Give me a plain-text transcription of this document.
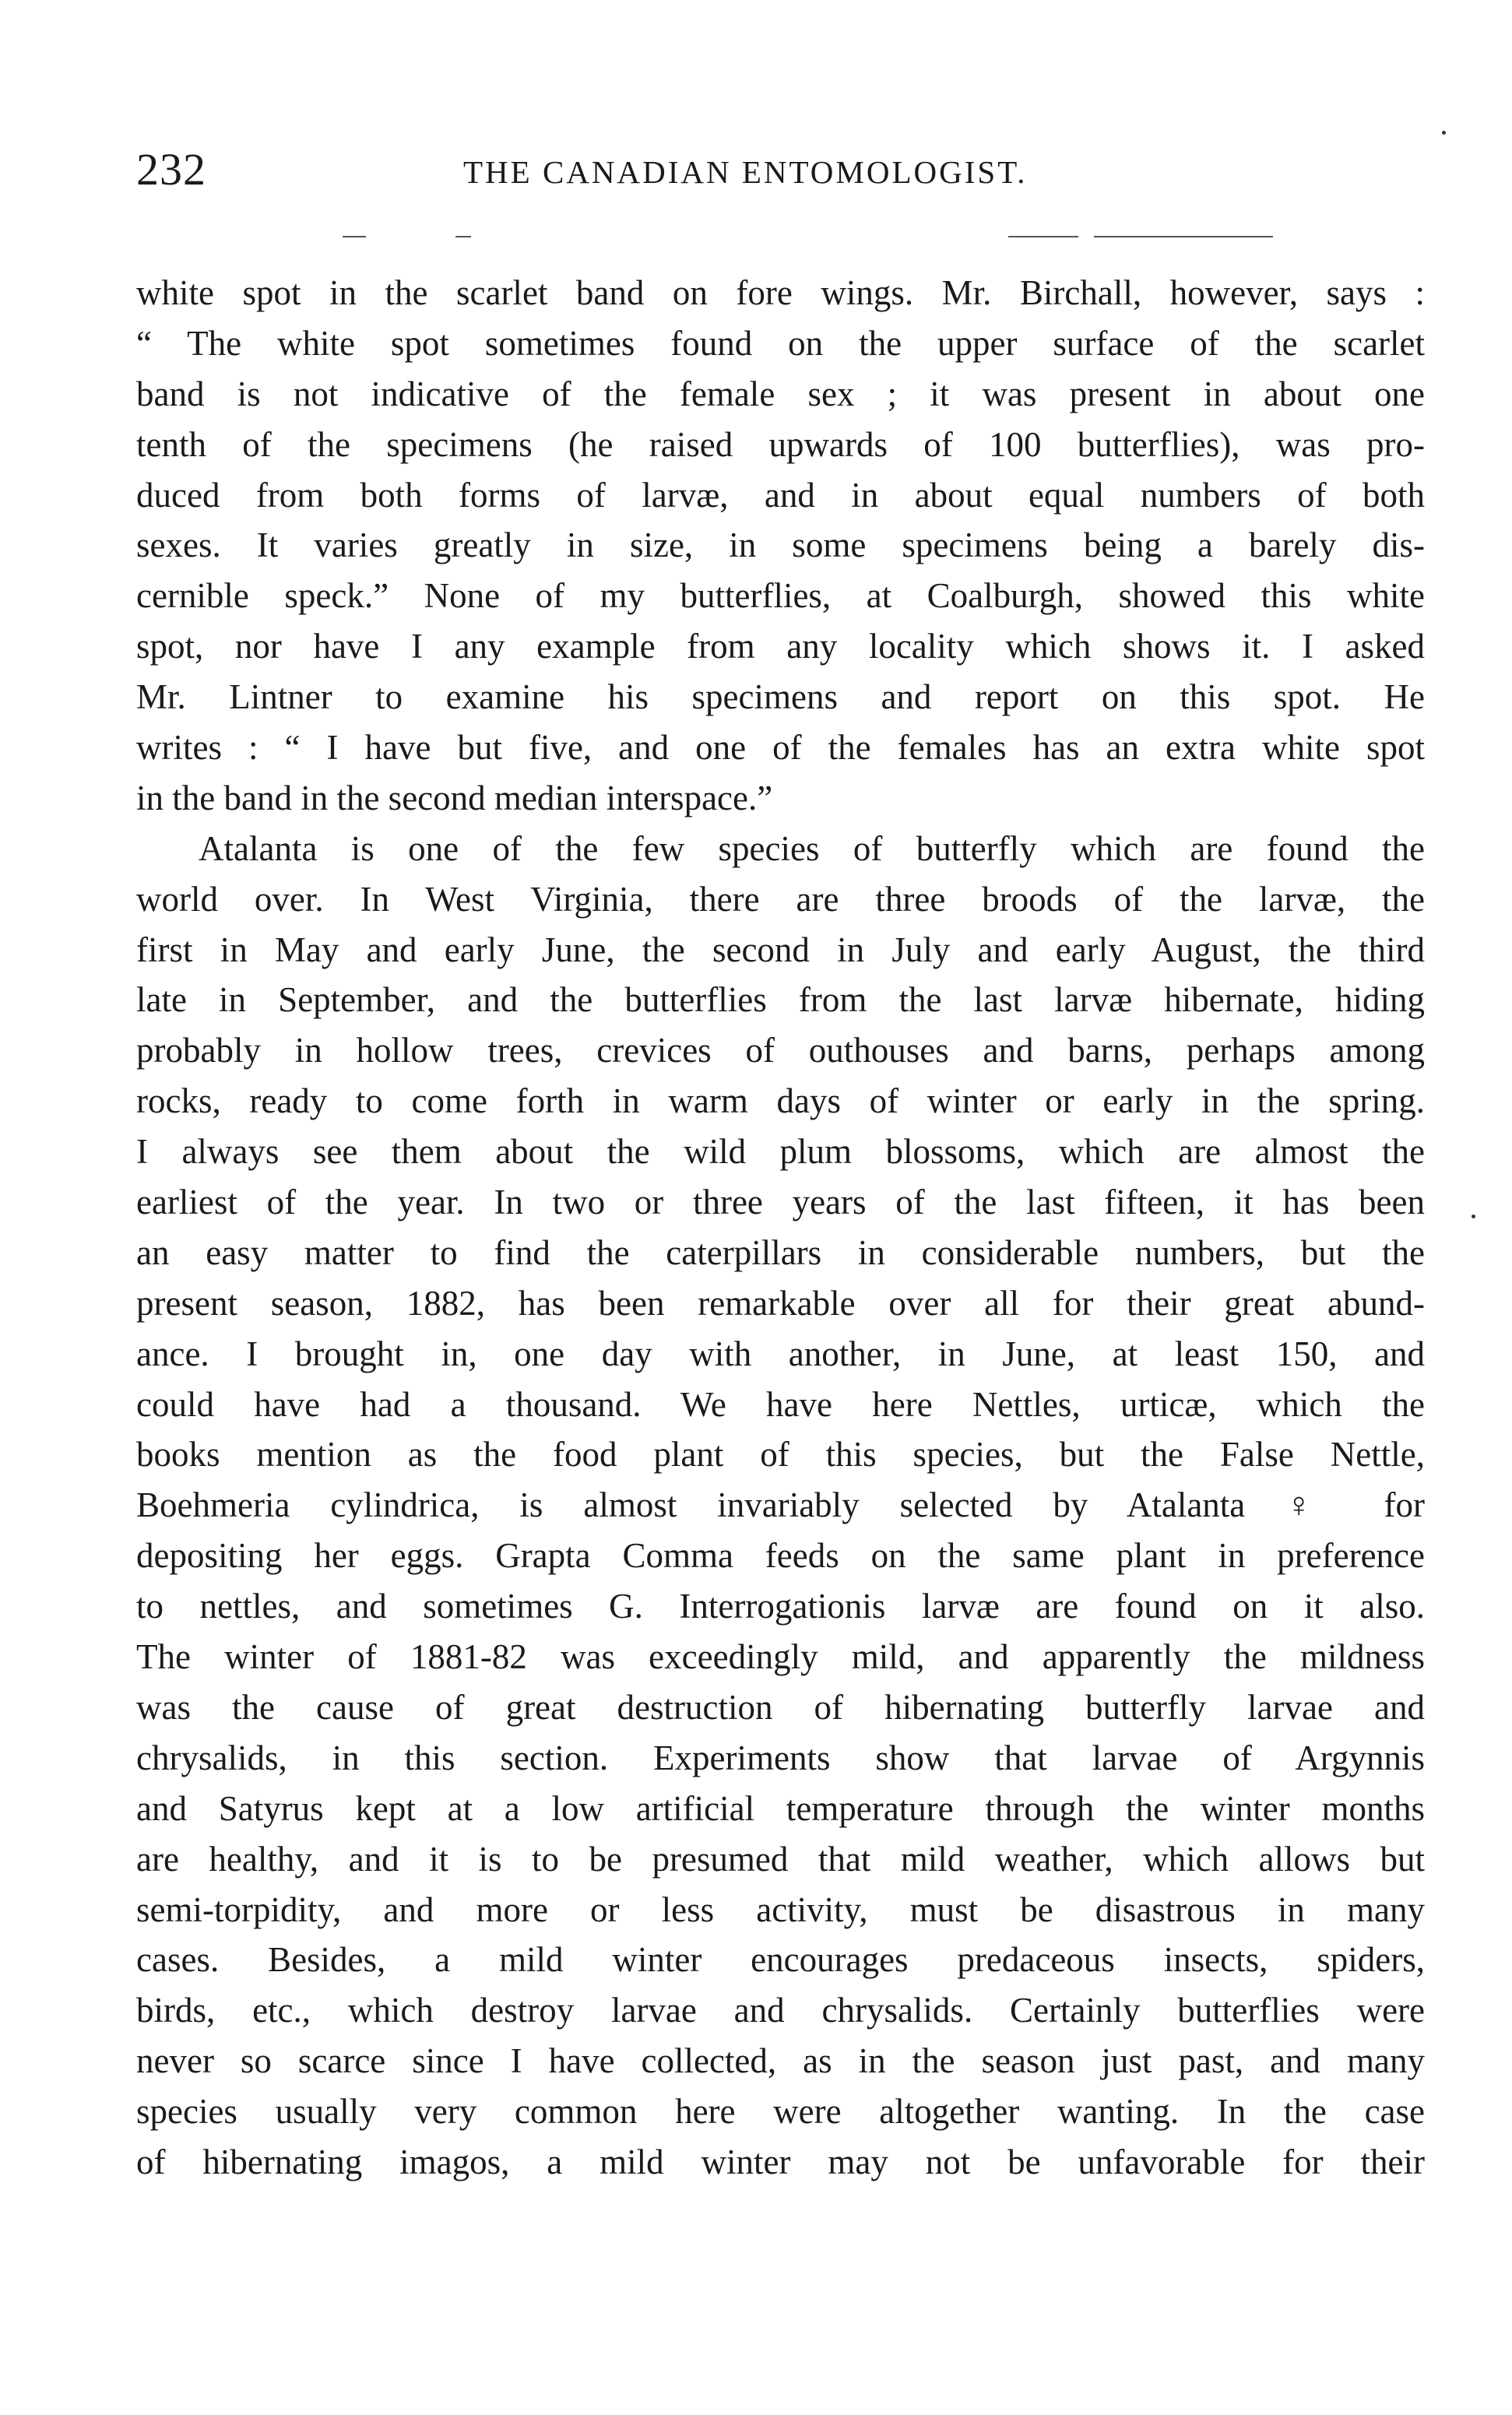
232	THE CANADIAN ENTOMOLOGIST.
white spot in the scarlet band on fore wings. Mr. Birchall, however, says :
“ The white spot sometimes found on the upper surface of the scarlet
band is not indicative of the female sex ; it was present in about one
tenth of the specimens (he raised upwards of 100 butterflies), was pro-
duced from both forms of larvæ, and in about equal numbers of both
sexes. It varies greatly in size, in some specimens being a barely dis-
cernible speck.” None of my butterflies, at Coalburgh, showed this white
spot, nor have I any example from any locality which shows it. I asked
Mr. Lintner to examine his specimens and report on this spot. He
writes : “ I have but five, and one of the females has an extra white spot
in the band in the second median interspace.”
Atalanta is one of the few species of butterfly which are found the
world over. In West Virginia, there are three broods of the larvæ, the
first in May and early June, the second in July and early August, the third
late in September, and the butterflies from the last larvæ hibernate, hiding
probably in hollow trees, crevices of outhouses and barns, perhaps among
rocks, ready to come forth in warm days of winter or early in the spring.
I always see them about the wild plum blossoms, which are almost the
earliest of the year. In two or three years of the last fifteen, it has been
an easy matter to find the caterpillars in considerable numbers, but the
present season, 1882, has been remarkable over all for their great abund-
ance. I brought in, one day with another, in June, at least 150, and
could have had a thousand. We have here Nettles, urticæ, which the
books mention as the food plant of this species, but the False Nettle,
Boehmeria cylindrica, is almost invariably selected by Atalanta ♀ for
depositing her eggs. Grapta Comma feeds on the same plant in preference
to nettles, and sometimes G. Interrogationis larvæ are found on it also.
The winter of 1881-82 was exceedingly mild, and apparently the mildness
was the cause of great destruction of hibernating butterfly larvae and
chrysalids, in this section. Experiments show that larvae of Argynnis
and Satyrus kept at a low artificial temperature through the winter months
are healthy, and it is to be presumed that mild weather, which allows but
semi-torpidity, and more or less activity, must be disastrous in many
cases. Besides, a mild winter encourages predaceous insects, spiders,
birds, etc., which destroy larvae and chrysalids. Certainly butterflies were
never so scarce since I have collected, as in the season just past, and many
species usually very common here were altogether wanting. In the case
of hibernating imagos, a mild winter may not be unfavorable for their
